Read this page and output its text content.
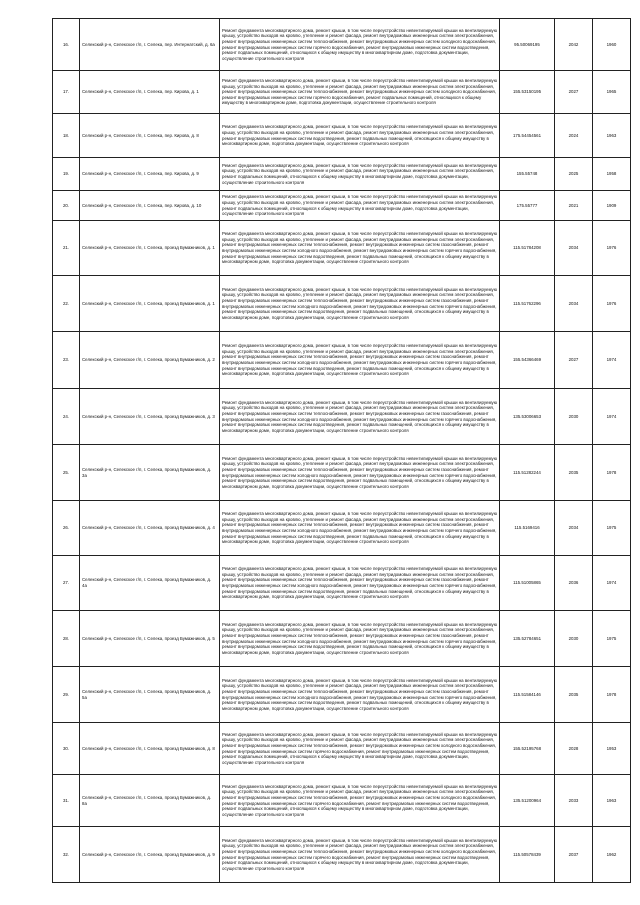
16.	Селекский р-н, Селекское г/п, г. Селека, пер. Интернатский, д. 6а	Ремонт фундамента многоквартирного дома, ремонт крыши, в том числе переустройство невентилируемой крыши на вентилируемую крышу, устройство выходов на кровлю, утепление и ремонт фасада, ремонт внутридомовых инженерных систем электроснабжения, ремонт внутридомовых инженерных систем теплоснабжения, ремонт внутридомовых инженерных систем холодного водоснабжения, ремонт внутридомовых инженерных систем горячего водоснабжения, ремонт внутридомовых инженерных систем водоотведения, ремонт подвальных помещений, относящихся к общему имуществу в многоквартирном доме, подготовка документации, осуществление строительного контроля	95.50069195	2042	1960
17.	Селекский р-н, Селекское г/п, г. Селека, пер. Кирова, д. 1	Ремонт фундамента многоквартирного дома, ремонт крыши, в том числе переустройство невентилируемой крыши на вентилируемую крышу, устройство выходов на кровлю, утепление и ремонт фасада, ремонт внутридомовых инженерных систем электроснабжения, ремонт внутридомовых инженерных систем теплоснабжения, ремонт внутридомовых инженерных систем холодного водоснабжения, ремонт внутридомовых инженерных систем горячего водоснабжения, ремонт подвальных помещений, относящихся к общему имуществу в многоквартирном доме, подготовка документации, осуществление строительного контроля	155.53150195	2027	1965
18.	Селекский р-н, Селекское г/п, г. Селека, пер. Кирова, д. 8	Ремонт фундамента многоквартирного дома, ремонт крыши, в том числе переустройство невентилируемой крыши на вентилируемую крышу, устройство выходов на кровлю, утепление и ремонт фасада, ремонт внутридомовых инженерных систем электроснабжения, ремонт внутридомовых инженерных систем водоотведения, ремонт подвальных помещений, относящихся к общему имуществу в многоквартирном доме, подготовка документации, осуществление строительного контроля	175.54454561	2024	1963
19.	Селекский р-н, Селекское г/п, г. Селека, пер. Кирова, д. 9	Ремонт фундамента многоквартирного дома, ремонт крыши, в том числе переустройство невентилируемой крыши на вентилируемую крышу, устройство выходов на кровлю, утепление и ремонт фасада, ремонт внутридомовых инженерных систем электроснабжения, ремонт подвальных помещений, относящихся к общему имуществу в многоквартирном доме, подготовка документации, осуществление строительного контроля	155.55748	2025	1958
20.	Селекский р-н, Селекское г/п, г. Селека, пер. Кирова, д. 10	Ремонт фундамента многоквартирного дома, ремонт крыши, в том числе переустройство невентилируемой крыши на вентилируемую крышу, устройство выходов на кровлю, утепление и ремонт фасада, ремонт внутридомовых инженерных систем электроснабжения, ремонт подвальных помещений, относящихся к общему имуществу в многоквартирном доме, подготовка документации, осуществление строительного контроля	175.55777	2021	1909
21.	Селекский р-н, Селекское г/п, г. Селека, проезд Бумажников, д. 1	Ремонт фундамента многоквартирного дома, ремонт крыши, в том числе переустройство невентилируемой крыши на вентилируемую крышу, устройство выходов на кровлю, утепление и ремонт фасада, ремонт внутридомовых инженерных систем электроснабжения, ремонт внутридомовых инженерных систем теплоснабжения, ремонт внутридомовых инженерных систем газоснабжения, ремонт внутридомовых инженерных систем холодного водоснабжения, ремонт внутридомовых инженерных систем горячего водоснабжения, ремонт внутридомовых инженерных систем водоотведения, ремонт подвальных помещений, относящихся к общему имуществу в многоквартирном доме, подготовка документации, осуществление строительного контроля	115.51784208	2034	1976
22.	Селекский р-н, Селекское г/п, г. Селека, проезд Бумажников, д. 1	Ремонт фундамента многоквартирного дома, ремонт крыши, в том числе переустройство невентилируемой крыши на вентилируемую крышу, устройство выходов на кровлю, утепление и ремонт фасада, ремонт внутридомовых инженерных систем электроснабжения, ремонт внутридомовых инженерных систем теплоснабжения, ремонт внутридомовых инженерных систем газоснабжения, ремонт внутридомовых инженерных систем холодного водоснабжения, ремонт внутридомовых инженерных систем горячего водоснабжения, ремонт внутридомовых инженерных систем водоотведения, ремонт подвальных помещений, относящихся к общему имуществу в многоквартирном доме, подготовка документации, осуществление строительного контроля	115.51762296	2034	1976
23.	Селекский р-н, Селекское г/п, г. Селека, проезд Бумажников, д. 2	Ремонт фундамента многоквартирного дома, ремонт крыши, в том числе переустройство невентилируемой крыши на вентилируемую крышу, устройство выходов на кровлю, утепление и ремонт фасада, ремонт внутридомовых инженерных систем электроснабжения, ремонт внутридомовых инженерных систем теплоснабжения, ремонт внутридомовых инженерных систем газоснабжения, ремонт внутридомовых инженерных систем холодного водоснабжения, ремонт внутридомовых инженерных систем горячего водоснабжения, ремонт внутридомовых инженерных систем водоотведения, ремонт подвальных помещений, относящихся к общему имуществу в многоквартирном доме, подготовка документации, осуществление строительного контроля	155.54366469	2027	1974
24.	Селекский р-н, Селекское г/п, г. Селека, проезд Бумажников, д. 3	Ремонт фундамента многоквартирного дома, ремонт крыши, в том числе переустройство невентилируемой крыши на вентилируемую крышу, устройство выходов на кровлю, утепление и ремонт фасада, ремонт внутридомовых инженерных систем электроснабжения, ремонт внутридомовых инженерных систем теплоснабжения, ремонт внутридомовых инженерных систем газоснабжения, ремонт внутридомовых инженерных систем холодного водоснабжения, ремонт внутридомовых инженерных систем горячего водоснабжения, ремонт внутридомовых инженерных систем водоотведения, ремонт подвальных помещений, относящихся к общему имуществу в многоквартирном доме, подготовка документации, осуществление строительного контроля	135.53006653	2030	1974
25.	Селекский р-н, Селекское г/п, г. Селека, проезд Бумажников, д. 3а	Ремонт фундамента многоквартирного дома, ремонт крыши, в том числе переустройство невентилируемой крыши на вентилируемую крышу, устройство выходов на кровлю, утепление и ремонт фасада, ремонт внутридомовых инженерных систем электроснабжения, ремонт внутридомовых инженерных систем теплоснабжения, ремонт внутридомовых инженерных систем газоснабжения, ремонт внутридомовых инженерных систем холодного водоснабжения, ремонт внутридомовых инженерных систем горячего водоснабжения, ремонт внутридомовых инженерных систем водоотведения, ремонт подвальных помещений, относящихся к общему имуществу в многоквартирном доме, подготовка документации, осуществление строительного контроля	115.51282244	2035	1978
26.	Селекский р-н, Селекское г/п, г. Селека, проезд Бумажников, д. 4	Ремонт фундамента многоквартирного дома, ремонт крыши, в том числе переустройство невентилируемой крыши на вентилируемую крышу, устройство выходов на кровлю, утепление и ремонт фасада, ремонт внутридомовых инженерных систем электроснабжения, ремонт внутридомовых инженерных систем теплоснабжения, ремонт внутридомовых инженерных систем газоснабжения, ремонт внутридомовых инженерных систем холодного водоснабжения, ремонт внутридомовых инженерных систем горячего водоснабжения, ремонт внутридомовых инженерных систем водоотведения, ремонт подвальных помещений, относящихся к общему имуществу в многоквартирном доме, подготовка документации, осуществление строительного контроля	115.5169416	2034	1975
27.	Селекский р-н, Селекское г/п, г. Селека, проезд Бумажников, д. 4а	Ремонт фундамента многоквартирного дома, ремонт крыши, в том числе переустройство невентилируемой крыши на вентилируемую крышу, устройство выходов на кровлю, утепление и ремонт фасада, ремонт внутридомовых инженерных систем электроснабжения, ремонт внутридомовых инженерных систем теплоснабжения, ремонт внутридомовых инженерных систем газоснабжения, ремонт внутридомовых инженерных систем холодного водоснабжения, ремонт внутридомовых инженерных систем горячего водоснабжения, ремонт внутридомовых инженерных систем водоотведения, ремонт подвальных помещений, относящихся к общему имуществу в многоквартирном доме, подготовка документации, осуществление строительного контроля	115.51005865	2036	1974
28.	Селекский р-н, Селекское г/п, г. Селека, проезд Бумажников, д. 5	Ремонт фундамента многоквартирного дома, ремонт крыши, в том числе переустройство невентилируемой крыши на вентилируемую крышу, устройство выходов на кровлю, утепление и ремонт фасада, ремонт внутридомовых инженерных систем электроснабжения, ремонт внутридомовых инженерных систем теплоснабжения, ремонт внутридомовых инженерных систем газоснабжения, ремонт внутридомовых инженерных систем холодного водоснабжения, ремонт внутридомовых инженерных систем горячего водоснабжения, ремонт внутридомовых инженерных систем водоотведения, ремонт подвальных помещений, относящихся к общему имуществу в многоквартирном доме, подготовка документации, осуществление строительного контроля	135.52784651	2030	1975
29.	Селекский р-н, Селекское г/п, г. Селека, проезд Бумажников, д. 5а	Ремонт фундамента многоквартирного дома, ремонт крыши, в том числе переустройство невентилируемой крыши на вентилируемую крышу, устройство выходов на кровлю, утепление и ремонт фасада, ремонт внутридомовых инженерных систем электроснабжения, ремонт внутридомовых инженерных систем теплоснабжения, ремонт внутридомовых инженерных систем газоснабжения, ремонт внутридомовых инженерных систем холодного водоснабжения, ремонт внутридомовых инженерных систем горячего водоснабжения, ремонт внутридомовых инженерных систем водоотведения, ремонт подвальных помещений, относящихся к общему имуществу в многоквартирном доме, подготовка документации, осуществление строительного контроля	115.51584146	2035	1978
30.	Селекский р-н, Селекское г/п, г. Селека, проезд Бумажников, д. 8	Ремонт фундамента многоквартирного дома, ремонт крыши, в том числе переустройство невентилируемой крыши на вентилируемую крышу, устройство выходов на кровлю, утепление и ремонт фасада, ремонт внутридомовых инженерных систем электроснабжения, ремонт внутридомовых инженерных систем теплоснабжения, ремонт внутридомовых инженерных систем холодного водоснабжения, ремонт внутридомовых инженерных систем горячего водоснабжения, ремонт внутридомовых инженерных систем водоотведения, ремонт подвальных помещений, относящихся к общему имуществу в многоквартирном доме, подготовка документации, осуществление строительного контроля	155.52195768	2028	1953
31.	Селекский р-н, Селекское г/п, г. Селека, проезд Бумажников, д. 8а	Ремонт фундамента многоквартирного дома, ремонт крыши, в том числе переустройство невентилируемой крыши на вентилируемую крышу, устройство выходов на кровлю, утепление и ремонт фасада, ремонт внутридомовых инженерных систем электроснабжения, ремонт внутридомовых инженерных систем теплоснабжения, ремонт внутридомовых инженерных систем холодного водоснабжения, ремонт внутридомовых инженерных систем горячего водоснабжения, ремонт внутридомовых инженерных систем водоотведения, ремонт подвальных помещений, относящихся к общему имуществу в многоквартирном доме, подготовка документации, осуществление строительного контроля	135.51200964	2033	1963
32.	Селекский р-н, Селекское г/п, г. Селека, проезд Бумажников, д. 9	Ремонт фундамента многоквартирного дома, ремонт крыши, в том числе переустройство невентилируемой крыши на вентилируемую крышу, устройство выходов на кровлю, утепление и ремонт фасада, ремонт внутридомовых инженерных систем электроснабжения, ремонт внутридомовых инженерных систем теплоснабжения, ремонт внутридомовых инженерных систем холодного водоснабжения, ремонт внутридомовых инженерных систем горячего водоснабжения, ремонт внутридомовых инженерных систем водоотведения, ремонт подвальных помещений, относящихся к общему имуществу в многоквартирном доме, подготовка документации, осуществление строительного контроля	115.50578439	2037	1962
